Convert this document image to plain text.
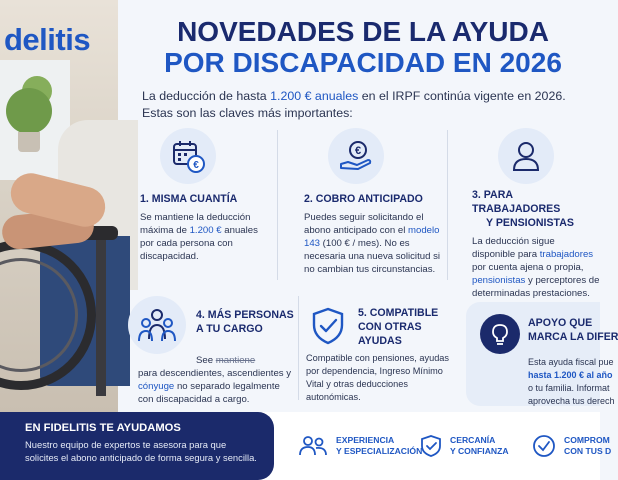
delitis	NOVEDADES DE LA AYUDA
POR DISCAPACIDAD EN 2026
La deducción de hasta 1.200 € anuales en el IRPF continúa vigente en 2026.
Estas son las claves más importantes:
€
1. MISMA CUANTÍA
Se mantiene la deducción máxima de 1.200 € anuales por cada persona con discapacidad.
€
2. COBRO ANTICIPADO
Puedes seguir solicitando el abono anticipado con el modelo 143 (100 € / mes). No es necesaria una nueva solicitud si no cambian tus circunstancias.
3. PARA TRABAJADORES
Y PENSIONISTAS
La deducción sigue disponible para trabajadores por cuenta ajena o propia, pensionistas y perceptores de determinadas prestaciones.
4. MÁS PERSONAS
A TU CARGO
See mantiene
para descendientes, ascendientes y cónyuge no separado legalmente con discapacidad a cargo.
5. COMPATIBLE
CON OTRAS AYUDAS
Compatible con pensiones, ayudas por dependencia, Ingreso Mínimo Vital y otras deducciones autonómicas.
APOYO QUE
MARCA LA DIFER
Esta ayuda fiscal pue
hasta 1.200 € al año
o tu familia. Informat
aprovecha tus derech
EN FIDELITIS TE AYUDAMOS
Nuestro equipo de expertos te asesora para que
solicites el abono anticipado de forma segura y sencilla.
EXPERIENCIA
Y ESPECIALIZACIÓN
CERCANÍA
Y CONFIANZA
COMPROM
CON TUS D
